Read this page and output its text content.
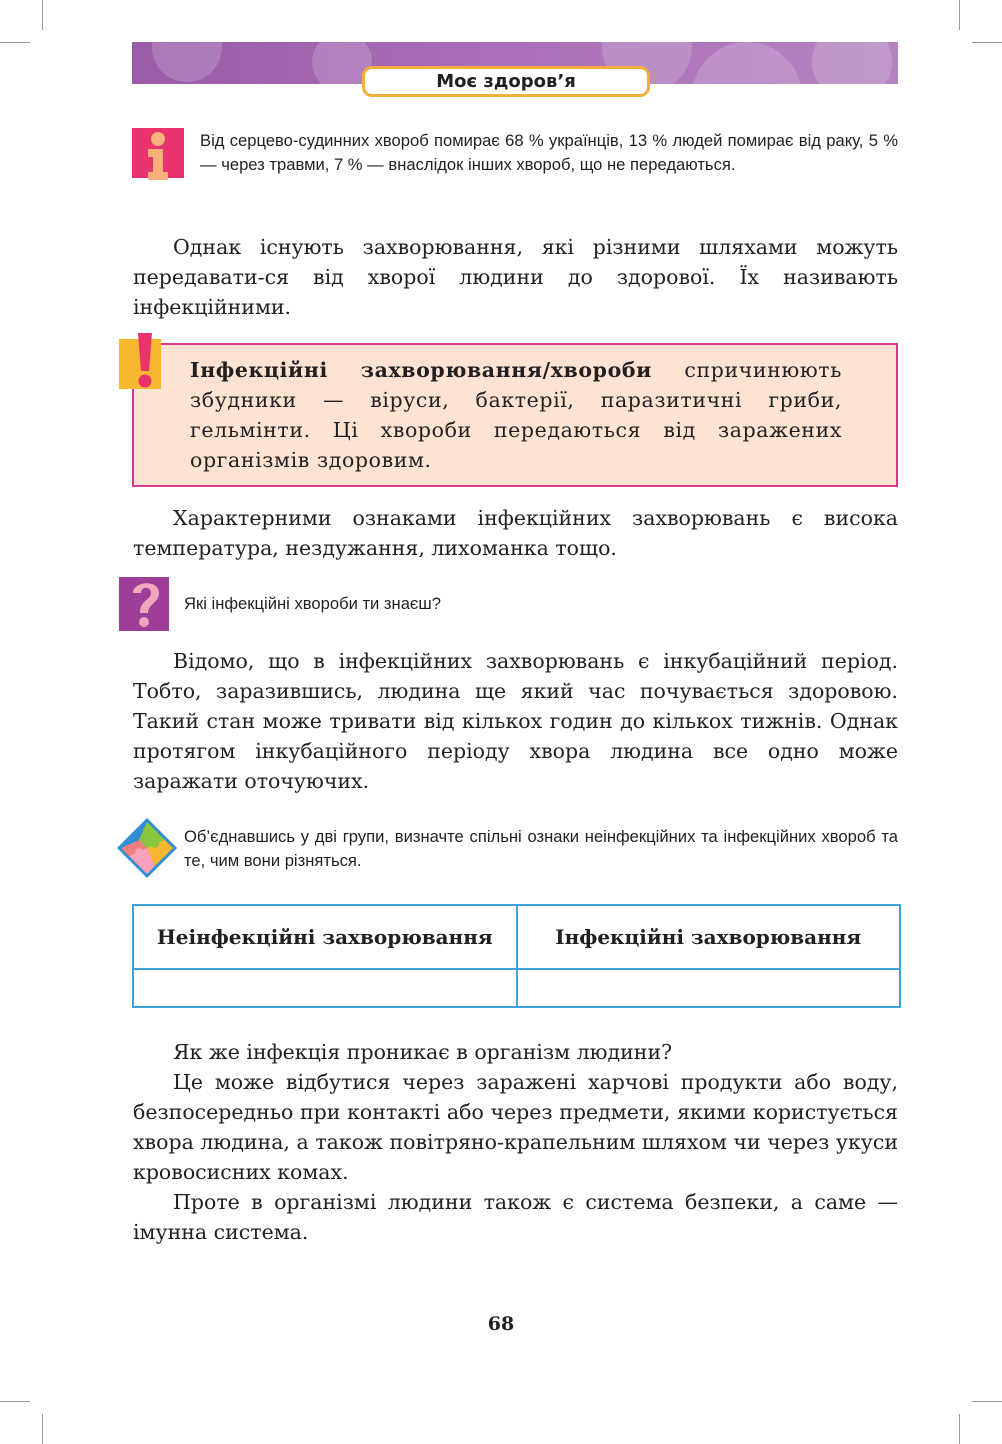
Моє здоров’я
Від серцево-судинних хвороб помирає 68 % українців, 13 % людей помирає від раку, 5 % — через травми, 7 % — внаслідок інших хвороб, що не передаються.

Однак існують захворювання, які різними шляхами можуть передавати-ся від хворої людини до здорової. Їх називають інфекційними.

Інфекційні захворювання/хвороби спричинюють збудники — віруси, бактерії, паразитичні гриби, гельмінти. Ці хвороби передаються від заражених організмів здоровим.

Характерними ознаками інфекційних захворювань є висока температура, нездужання, лихоманка тощо.

Які інфекційні хвороби ти знаєш?

Відомо, що в інфекційних захворювань є інкубаційний період. Тобто, заразившись, людина ще який час почувається здоровою. Такий стан може тривати від кількох годин до кількох тижнів. Однак протягом інкубаційного періоду хвора людина все одно може заражати оточуючих.

Об’єднавшись у дві групи, визначте спільні ознаки неінфекційних та інфекційних хвороб та те, чим вони різняться.
Неінфекційні захворювання	Інфекційні захворювання

Як же інфекція проникає в організм людини?

Це може відбутися через заражені харчові продукти або воду, безпосередньо при контакті або через предмети, якими користується хвора людина, а також повітряно-крапельним шляхом чи через укуси кровосисних комах.

Проте в організмі людини також є система безпеки, а саме — імунна система.

68
